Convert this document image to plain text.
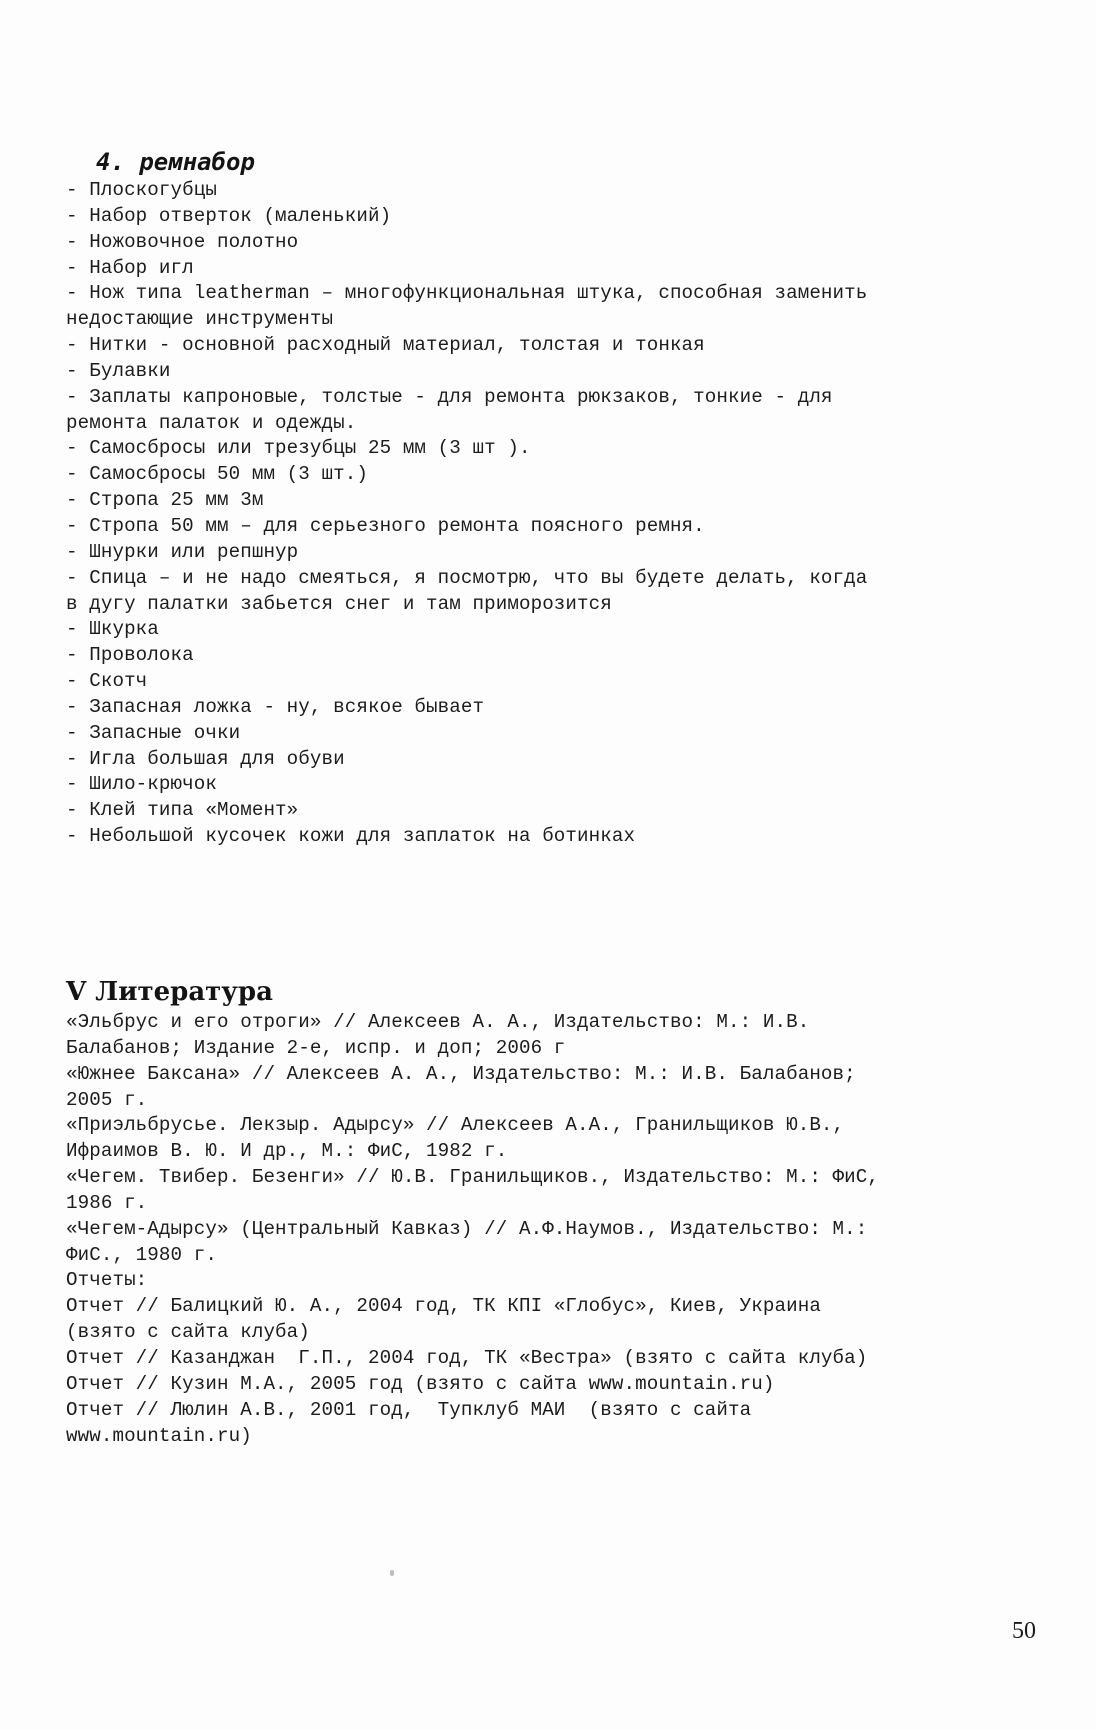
4. ремнабор
- Плоскогубцы
- Набор отверток (маленький)
- Ножовочное полотно
- Набор игл
- Нож типа leatherman – многофункциональная штука, способная заменить
недостающие инструменты
- Нитки - основной расходный материал, толстая и тонкая
- Булавки
- Заплаты капроновые, толстые - для ремонта рюкзаков, тонкие - для
ремонта палаток и одежды.
- Самосбросы или трезубцы 25 мм (3 шт ).
- Самосбросы 50 мм (3 шт.)
- Стропа 25 мм 3м
- Стропа 50 мм – для серьезного ремонта поясного ремня.
- Шнурки или репшнур
- Спица – и не надо смеяться, я посмотрю, что вы будете делать, когда
в дугу палатки забьется снег и там приморозится
- Шкурка
- Проволока
- Скотч
- Запасная ложка - ну, всякое бывает
- Запасные очки
- Игла большая для обуви
- Шило-крючок
- Клей типа «Момент»
- Небольшой кусочек кожи для заплаток на ботинках
V Литература
«Эльбрус и его отроги» // Алексеев А. А., Издательство: М.: И.В.
Балабанов; Издание 2-е, испр. и доп; 2006 г
«Южнее Баксана» // Алексеев А. А., Издательство: М.: И.В. Балабанов;
2005 г.
«Приэльбрусье. Лекзыр. Адырсу» // Алексеев А.А., Гранильщиков Ю.В.,
Ифраимов В. Ю. И др., М.: ФиС, 1982 г.
«Чегем. Твибер. Безенги» // Ю.В. Гранильщиков., Издательство: М.: ФиС,
1986 г.
«Чегем-Адырсу» (Центральный Кавказ) // А.Ф.Наумов., Издательство: М.:
ФиС., 1980 г.
Отчеты:
Отчет // Балицкий Ю. А., 2004 год, ТК КПI «Глобус», Киев, Украина
(взято с сайта клуба)
Отчет // Казанджан  Г.П., 2004 год, ТК «Вестра» (взято с сайта клуба)
Отчет // Кузин М.А., 2005 год (взято с сайта www.mountain.ru)
Отчет // Люлин А.В., 2001 год,  Тупклуб МАИ  (взято с сайта
www.mountain.ru)
50
